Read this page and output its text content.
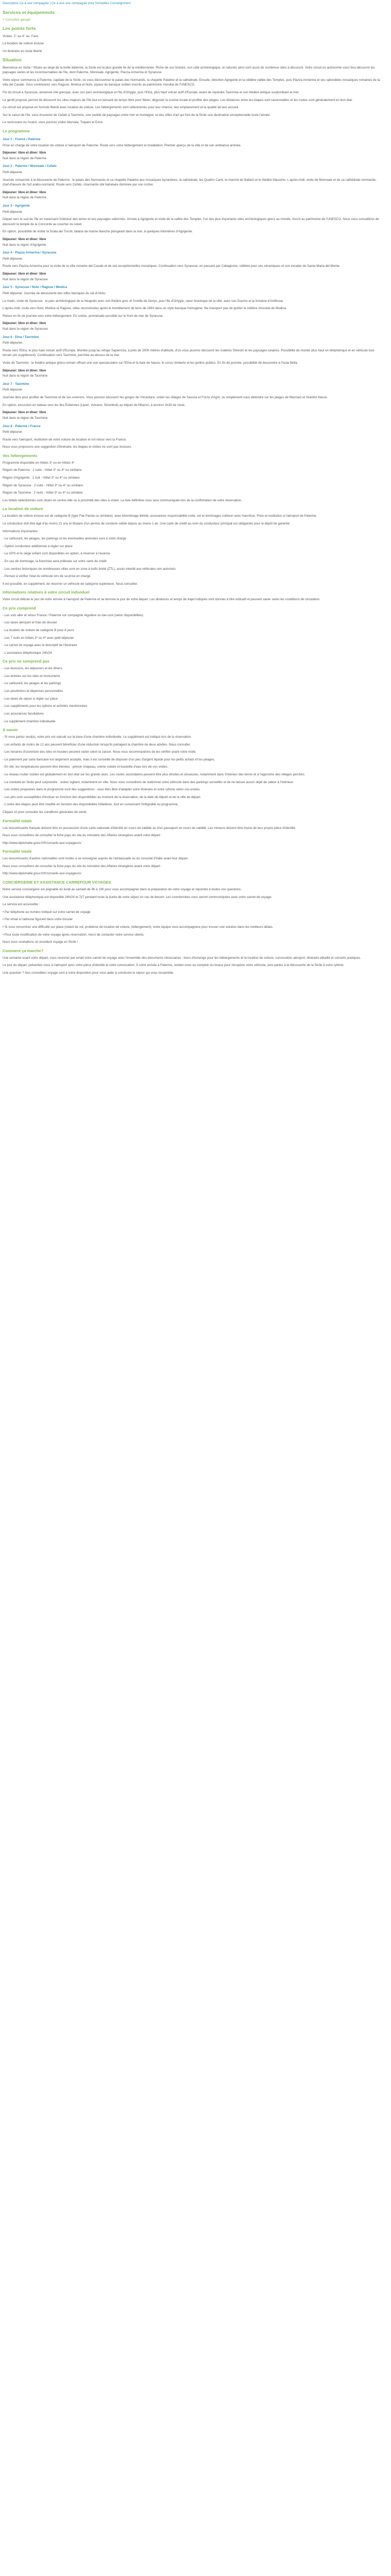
Description Ce à une compagnie | Ce à une une compagnie pour formalités Conseignment

Services et équipements

+ Consultez garage

Les points forts

Visites: 2° au 4° au. Favo

La location de voiture incluse

Un itinéraire en route liberté

Situation

Bienvenue en Sicile ! Située au large de la botte italienne, la Sicile est la plus grande île de la méditerranée. Riche de son histoire, son côté archéologique, et naturels ainsi sont aussi de nombreux sites à découvrir. Votre circuit en autonomie vous fera découvrir les paysages variés et les incontournables de l'île, dont Palerme, Monreale, Agrigente, Piazza Armerina et Syracuse.

Votre séjour commence à Palerme, capitale de la Sicile, où vous découvrirez le palais des Normands, la chapelle Palatine et la cathédrale. Ensuite, direction Agrigente et la célèbre vallée des Temples, puis Piazza Armerina et ses splendides mosaïques romaines de la villa del Casale. Vous continuerez vers Raguse, Modica et Noto, joyaux du baroque sicilien inscrits au patrimoine mondial de l'UNESCO.

Fin du circuit à Syracuse, ancienne cité grecque, avec son parc archéologique et l'île d'Ortygie, puis l'Etna, plus haut volcan actif d'Europe, avant de rejoindre Taormine et son théâtre antique surplombant la mer.

Le gentil proposé permet de découvrir les sites majeurs de l'île tout en laissant du temps libre pour flâner, déguster la cuisine locale et profiter des plages. Les distances entre les étapes sont raisonnables et les routes sont généralement en bon état.

Ce circuit est proposé en formule liberté avec location de voiture. Les hébergements sont sélectionnés pour leur charme, leur emplacement et la qualité de leur accueil.

Sur le calcul de l'île, vous trouverez de Cefalù à Taormine, une variété de paysages entre mer et montagne, et des villes d'art qui font de la Sicile une destination exceptionnelle toute l'année.

Le nord-ouest ou l'ouest, vous pourrez visiter Marsala, Trapani et Erice.

Le programme

Jour 1 - France / Palerme

Prise en charge de votre location de voiture à l'aéroport de Palerme. Route vers votre hébergement et installation. Premier aperçu de la ville et de son ambiance animée.

Déjeuner: libre et dîner: libre

Nuit dans la région de Palerme

Jour 2 - Palerme / Monreale / Cefalù

Petit déjeuner.

Journée consacrée à la découverte de Palerme : le palais des Normands et sa chapelle Palatine aux mosaïques byzantines, la cathédrale, les Quattro Canti, le marché de Ballarò et le théâtre Massimo. L'après-midi, visite de Monreale et de sa cathédrale normande, chef-d'œuvre de l'art arabo-normand. Route vers Cefalù, charmante cité balnéaire dominée par son rocher.

Déjeuner: libre et dîner: libre

Nuit dans la région de Palerme

Jour 3 - Agrigente

Petit déjeuner.

Départ vers le sud de l'île en traversant l'intérieur des terres et ses paysages vallonnés. Arrivée à Agrigente et visite de la vallée des Temples, l'un des plus importants sites archéologiques grecs au monde, inscrit au patrimoine de l'UNESCO. Nous vous conseillons de découvrir le temple de la Concorde au coucher du soleil.

En option, possibilité de visiter la Scala dei Turchi, falaise de marne blanche plongeant dans la mer, à quelques kilomètres d'Agrigente.

Déjeuner: libre et dîner: libre

Nuit dans la région d'Agrigente

Jour 4 - Piazza Armerina / Syracuse

Petit déjeuner.

Route vers Piazza Armerina pour la visite de la villa romaine del Casale et de ses exceptionnelles mosaïques. Continuation vers Syracuse, en passant par Caltagirone, célèbre pour ses céramiques et son escalier de Santa Maria del Monte.

Déjeuner: libre et dîner: libre

Nuit dans la région de Syracuse

Jour 5 - Syracuse / Noto / Raguse / Modica

Petit déjeuner. Journée de découverte des villes baroques du val di Noto.

Le matin, visite de Syracuse : le parc archéologique de la Neapolis avec son théâtre grec et l'oreille de Denys, puis l'île d'Ortygie, cœur historique de la ville, avec son Duomo et la fontaine d'Aréthuse.

L'après-midi, route vers Noto, Modica et Raguse, villes reconstruites après le tremblement de terre de 1693 dans un style baroque homogène. Ne manquez pas de goûter le célèbre chocolat de Modica.

Retour en fin de journée vers votre hébergement. En soirée, promenade possible sur le front de mer de Syracuse.

Déjeuner: libre et dîner: libre

Nuit dans la région de Syracuse

Jour 6 - Etna / Taormine

Petit déjeuner.

Route vers l'Etna, le plus haut volcan actif d'Europe. Montée jusqu'au refuge Sapienzza, à près de 2000 mètres d'altitude, d'où vous pourrez découvrir les cratères Silvestri et les paysages lunaires. Possibilité de monter plus haut en téléphérique et en véhicule tout-terrain (en supplément). Continuation vers Taormine, perchée au-dessus de la mer.

Visite de Taormine : le théâtre antique gréco-romain offrant une vue spectaculaire sur l'Etna et la baie de Naxos, le corso Umberto et les jardins publics. En fin de journée, possibilité de descendre à l'Isola Bella.

Déjeuner: libre et dîner: libre

Nuit dans la région de Taormine

Jour 7 - Taormine

Petit déjeuner.

Journée libre pour profiter de Taormine et de ses environs. Vous pourrez découvrir les gorges de l'Alcantara, visiter les villages de Savoca et Forza d'Agrò, ou simplement vous détendre sur les plages de Mazzarò et Giardini Naxos.

En option, excursion en bateau vers les îles Éoliennes (Lipari, Vulcano, Stromboli) au départ de Milazzo, à environ 1h30 de route.

Déjeuner: libre et dîner: libre

Nuit dans la région de Taormine

Jour 8 - Palerme / France

Petit déjeuner.

Route vers l'aéroport, restitution de votre voiture de location et vol retour vers la France.

Nous vous proposons une suggestion d'itinéraire, les étapes et visites ne sont pas incluses.

Vos hébergements

Programme disponible en hôtels 3* ou en hôtels 4*.

Région de Palerme : 2 nuits - Hôtel 3* ou 4* ou similaire

Région d'Agrigente : 1 nuit - Hôtel 3* ou 4* ou similaire

Région de Syracuse : 2 nuits - Hôtel 3* ou 4* ou similaire

Région de Taormine : 2 nuits - Hôtel 3* ou 4* ou similaire

Les hôtels sélectionnés sont situés en centre-ville ou à proximité des sites à visiter. La liste définitive vous sera communiquée lors de la confirmation de votre réservation.

La location de voiture

La location de voiture incluse est de catégorie B (type Fiat Panda ou similaire), avec kilométrage illimité, assurances responsabilité civile, vol et dommages collision avec franchise. Prise et restitution à l'aéroport de Palerme.

Le conducteur doit être âgé d'au moins 21 ans et titulaire d'un permis de conduire valide depuis au moins 1 an. Une carte de crédit au nom du conducteur principal est obligatoire pour le dépôt de garantie.

Informations importantes :

- Le carburant, les péages, les parkings et les éventuelles amendes sont à votre charge

- Option conducteur additionnel à régler sur place

- Le GPS et le siège enfant sont disponibles en option, à réserver à l'avance

- En cas de dommage, la franchise sera prélevée sur votre carte de crédit

- Les centres historiques de nombreuses villes sont en zone à trafic limité (ZTL), accès interdit aux véhicules non autorisés

- Pensez à vérifier l'état du véhicule lors de sa prise en charge

Il est possible, en supplément, de réserver un véhicule de catégorie supérieure. Nous consulter.

Informations relatives à votre circuit individuel

Votre circuit débute le jour de votre arrivée à l'aéroport de Palerme et se termine le jour de votre départ. Les distances et temps de trajet indiqués sont donnés à titre indicatif et peuvent varier selon les conditions de circulation.

Ce prix comprend

- Les vols aller et retour France / Palerme sur compagnie régulière ou low-cost (selon disponibilités)

- Les taxes aéroport et frais de dossier

- La location de voiture de catégorie B pour 8 jours

- Les 7 nuits en hôtels 3* ou 4* avec petit déjeuner

- Le carnet de voyage avec le descriptif de l'itinéraire

- L'assistance téléphonique 24h/24

Ce prix ne comprend pas

- Les boissons, les déjeuners et les dîners

- Les entrées sur les sites et monuments

- Le carburant, les péages et les parkings

- Les pourboires et dépenses personnelles

- Les taxes de séjour à régler sur place

- Les suppléments pour les options et activités mentionnées

- Les assurances facultatives

- Le supplément chambre individuelle

A savoir

- Si vous partez seul(e), votre prix est calculé sur la base d'une chambre individuelle. Le supplément est indiqué lors de la réservation.

- Les enfants de moins de 12 ans peuvent bénéficier d'une réduction lorsqu'ils partagent la chambre de deux adultes. Nous consulter.

- Les horaires d'ouverture des sites et musées peuvent varier selon la saison. Nous vous recommandons de les vérifier avant votre visite.

- Le paiement par carte bancaire est largement accepté, mais il est conseillé de disposer d'un peu d'argent liquide pour les petits achats et les péages.

- En été, les températures peuvent être élevées : prévoir chapeau, crème solaire et bouteille d'eau lors de vos visites.

- Le réseau routier sicilien est globalement en bon état sur les grands axes. Les routes secondaires peuvent être plus étroites et sinueuses, notamment dans l'intérieur des terres et à l'approche des villages perchés.

- La conduite en Sicile peut surprendre : restez vigilant, notamment en ville. Nous vous conseillons de stationner votre véhicule dans des parkings surveillés et de ne laisser aucun objet de valeur à l'intérieur.

- Les visites proposées dans le programme sont des suggestions : vous êtes libre d'adapter votre itinéraire et votre rythme selon vos envies.

- Les prix sont susceptibles d'évoluer en fonction des disponibilités au moment de la réservation, de la date de départ et de la ville de départ.

- L'ordre des étapes peut être modifié en fonction des disponibilités hôtelières, tout en conservant l'intégralité du programme.

Cliquez ici pour consulter les conditions générales de vente

Formalité totale

Les ressortissants français doivent être en possession d'une carte nationale d'identité en cours de validité ou d'un passeport en cours de validité. Les mineurs doivent être munis de leur propre pièce d'identité.

Nous vous conseillons de consulter la fiche pays du site du ministère des Affaires étrangères avant votre départ :

http://www.diplomatie.gouv.fr/fr/conseils-aux-voyageurs/

Formalité totale

Les ressortissants d'autres nationalités sont invités à se renseigner auprès de l'ambassade ou du consulat d'Italie avant leur départ.

Nous vous conseillons de consulter la fiche pays du site du ministère des Affaires étrangères avant votre départ :

http://www.diplomatie.gouv.fr/fr/conseils-aux-voyageurs/

CONCIERGERIE ET ASSISTANCE CARREFOUR VOYAGES

Notre service conciergerie est joignable du lundi au samedi de 9h à 19h pour vous accompagner dans la préparation de votre voyage et répondre à toutes vos questions.

Une assistance téléphonique est disponible 24h/24 et 7j/7 pendant toute la durée de votre séjour en cas de besoin. Les coordonnées vous seront communiquées avec votre carnet de voyage.

Le service est accessible :

• Par téléphone au numéro indiqué sur votre carnet de voyage

• Par email à l'adresse figurant dans votre dossier

• Si vous rencontrez une difficulté sur place (retard de vol, problème de location de voiture, hébergement), notre équipe vous accompagnera pour trouver une solution dans les meilleurs délais.

• Pour toute modification de votre voyage après réservation, merci de contacter notre service clients.

Nous vous souhaitons un excellent voyage en Sicile !

Comment ça marche?

Une semaine avant votre départ, vous recevrez par email votre carnet de voyage avec l'ensemble des documents nécessaires : bons d'échange pour les hébergements et la location de voiture, convocation aéroport, itinéraire détaillé et conseils pratiques.

Le jour du départ, présentez-vous à l'aéroport avec votre pièce d'identité et votre convocation. À votre arrivée à Palerme, rendez-vous au comptoir du loueur pour récupérer votre véhicule, puis partez à la découverte de la Sicile à votre rythme.

Une question ? Nos conseillers voyage sont à votre disposition pour vous aider à construire le séjour qui vous ressemble.
